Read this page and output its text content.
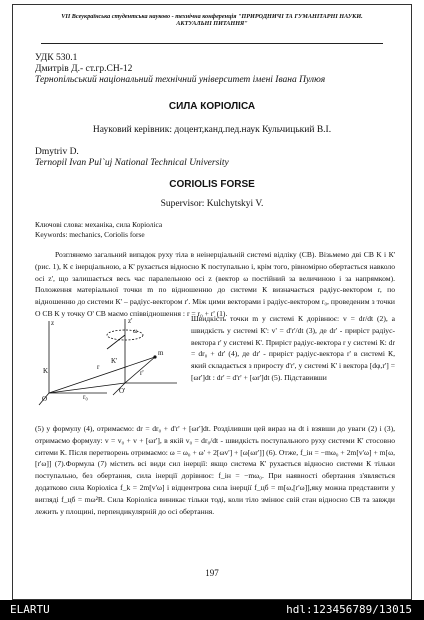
VII Всеукраїнська студентська науково - технічна конференція "ПРИРОДНИЧІ ТА ГУМАНІТАРНІ НАУКИ. АКТУАЛЬНІ ПИТАННЯ"
УДК 530.1
Дмитрів Д.- ст.гр.СН-12
Тернопільський національний технічний університет імені Івана Пулюя
СИЛА КОРІОЛІСА
Науковий керівник: доцент,канд.пед.наук Кульчицький В.І.
Dmytriv D.
Ternopil Ivan Pul`uj National Technical University
CORIOLIS FORSE
Supervisor: Kulchytskyi V.
Ключові слова: механіка, сила Коріоліса
Keywords: mechanics, Coriolis forse
Розглянемо загальний випадок руху тіла в неінерціальній системі відліку (СВ). Візьмемо дві СВ К і К' (рис. 1), К є інерціальною, а К' рухається відносно К поступально і, крім того, рівномірно обертається навколо осі z', що залишається весь час паралельною осі z (вектор ω постійний за величиною і за напрямком). Положення матеріальної точки m по відношенню до системи К визначається радіус-вектором r, по відношенню до системи К' – радіус-вектором r'. Між цими векторами і радіус-вектором r₀, проведеним з точки О СВ К у точку О' СВ маємо співвідношення : r = r₀ + r' (1).
z
K
O
z'
ω
K'
O'
m
r
r'
r₀
Швидкість точки m у системі К дорівнює: v = dr/dt (2), а швидкість у системі К': v' = d'r'/dt (3), де dr' - приріст радіус-вектора r' у системі К'. Приріст радіус-вектора r у системі К: dr = dr₀ + dr' (4), де dr' - приріст радіус-вектора r' в системі К, який складається з приросту d'r', у системі К' і вектора [dφ,r'] = [ωr']dt : dr' = d'r' + [ωr']dt (5). Підставивши
(5) у формулу (4), отримаємо: dr = dr₀ + d'r' + [ωr']dt. Розділивши цей вираз на dt і взявши до уваги (2) і (3), отримаємо формулу: v = v₀ + v + [ωr'], в якій v₀ = dr₀/dt - швидкість поступального руху системи К' стосовно ситеми К. Після перетворень отримаємо: ω = ω₀ + ω' + 2[ωv'] + [ω[ωr']] (6). Отже, f_ін = −mω₀ + 2m[v'ω] + m[ω,[r'ω]] (7).Формула (7) містить всі види сил інерції: якщо система К' рухається відносно системи К тільки поступально, без обертання, сила інерції дорівнює: f_ін = −mω₀. При наявності обертання з'являється додатково сила Коріоліса f_k = 2m[v'ω] і відцентрова сила інерції f_цб = m[ω,[r'ω]],яку можна представити у вигляді f_цб = mω²R. Сила Коріоліса виникає тільки тоді, коли тіло змінює свій стан відносно СВ та завжди лежить у площині, перпендикулярній до осі обертання.
197
ELARTU	hdl:123456789/13015
